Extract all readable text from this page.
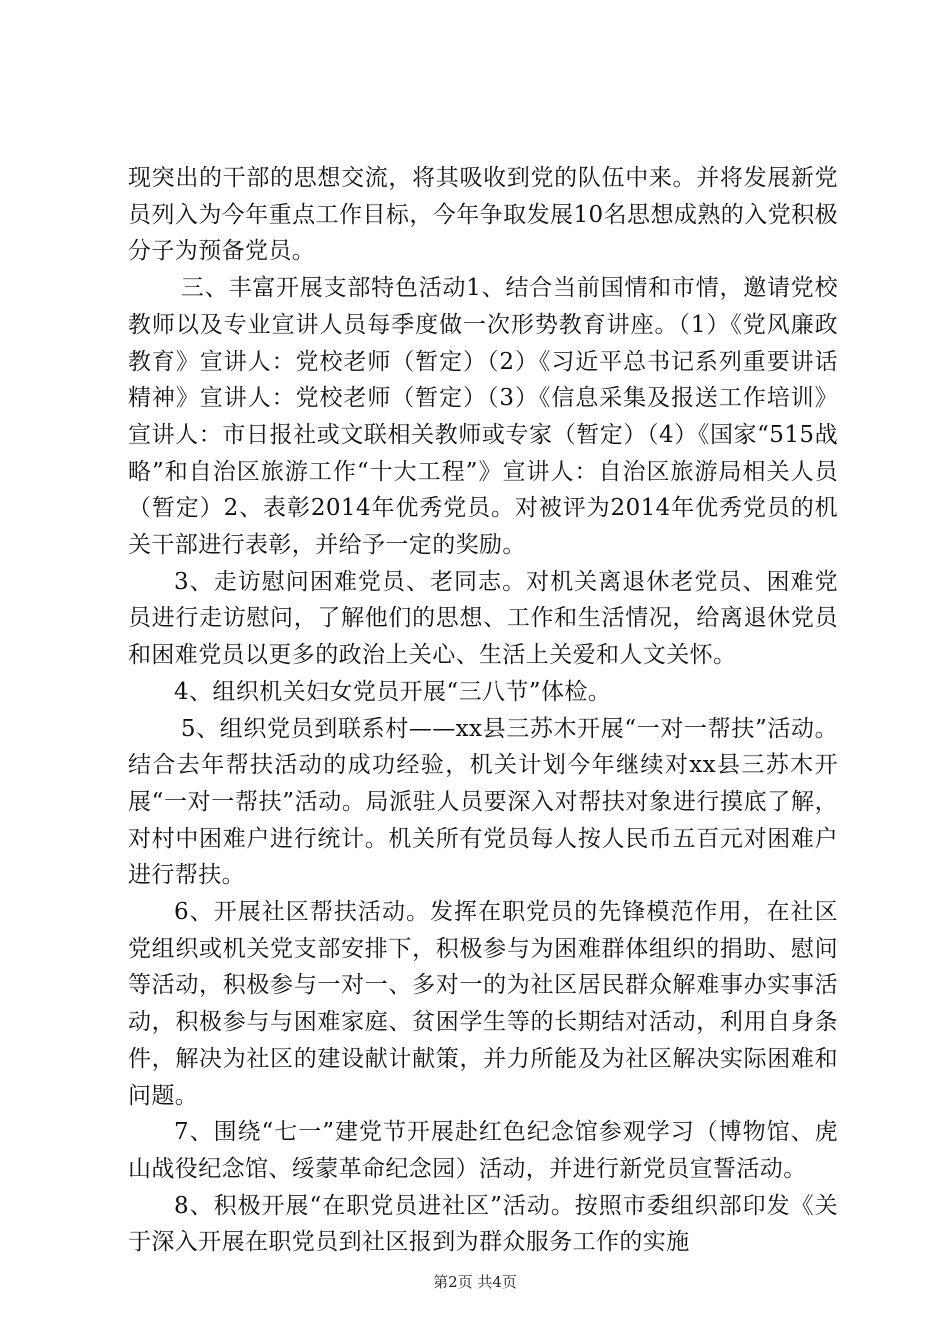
现突出的干部的思想交流，将其吸收到党的队伍中来。并将发展新党员列入为今年重点工作目标，今年争取发展10名思想成熟的入党积极分子为预备党员。

三、丰富开展支部特色活动1、结合当前国情和市情，邀请党校教师以及专业宣讲人员每季度做一次形势教育讲座。（1）《党风廉政教育》宣讲人：党校老师（暂定）（2）《习近平总书记系列重要讲话精神》宣讲人：党校老师（暂定）（3）《信息采集及报送工作培训》宣讲人：市日报社或文联相关教师或专家（暂定）（4）《国家“515战略”和自治区旅游工作“十大工程”》宣讲人：自治区旅游局相关人员（暂定）2、表彰2014年优秀党员。对被评为2014年优秀党员的机关干部进行表彰，并给予一定的奖励。

3、走访慰问困难党员、老同志。对机关离退休老党员、困难党员进行走访慰问，了解他们的思想、工作和生活情况，给离退休党员和困难党员以更多的政治上关心、生活上关爱和人文关怀。

4、组织机关妇女党员开展“三八节”体检。

5、组织党员到联系村——xx县三苏木开展“一对一帮扶”活动。结合去年帮扶活动的成功经验，机关计划今年继续对xx县三苏木开展“一对一帮扶”活动。局派驻人员要深入对帮扶对象进行摸底了解，对村中困难户进行统计。机关所有党员每人按人民币五百元对困难户进行帮扶。

6、开展社区帮扶活动。发挥在职党员的先锋模范作用，在社区党组织或机关党支部安排下，积极参与为困难群体组织的捐助、慰问等活动，积极参与一对一、多对一的为社区居民群众解难事办实事活动，积极参与与困难家庭、贫困学生等的长期结对活动，利用自身条件，解决为社区的建设献计献策，并力所能及为社区解决实际困难和问题。

7、围绕“七一”建党节开展赴红色纪念馆参观学习（博物馆、虎山战役纪念馆、绥蒙革命纪念园）活动，并进行新党员宣誓活动。

8、积极开展“在职党员进社区”活动。按照市委组织部印发《关于深入开展在职党员到社区报到为群众服务工作的实施

第2页 共4页
